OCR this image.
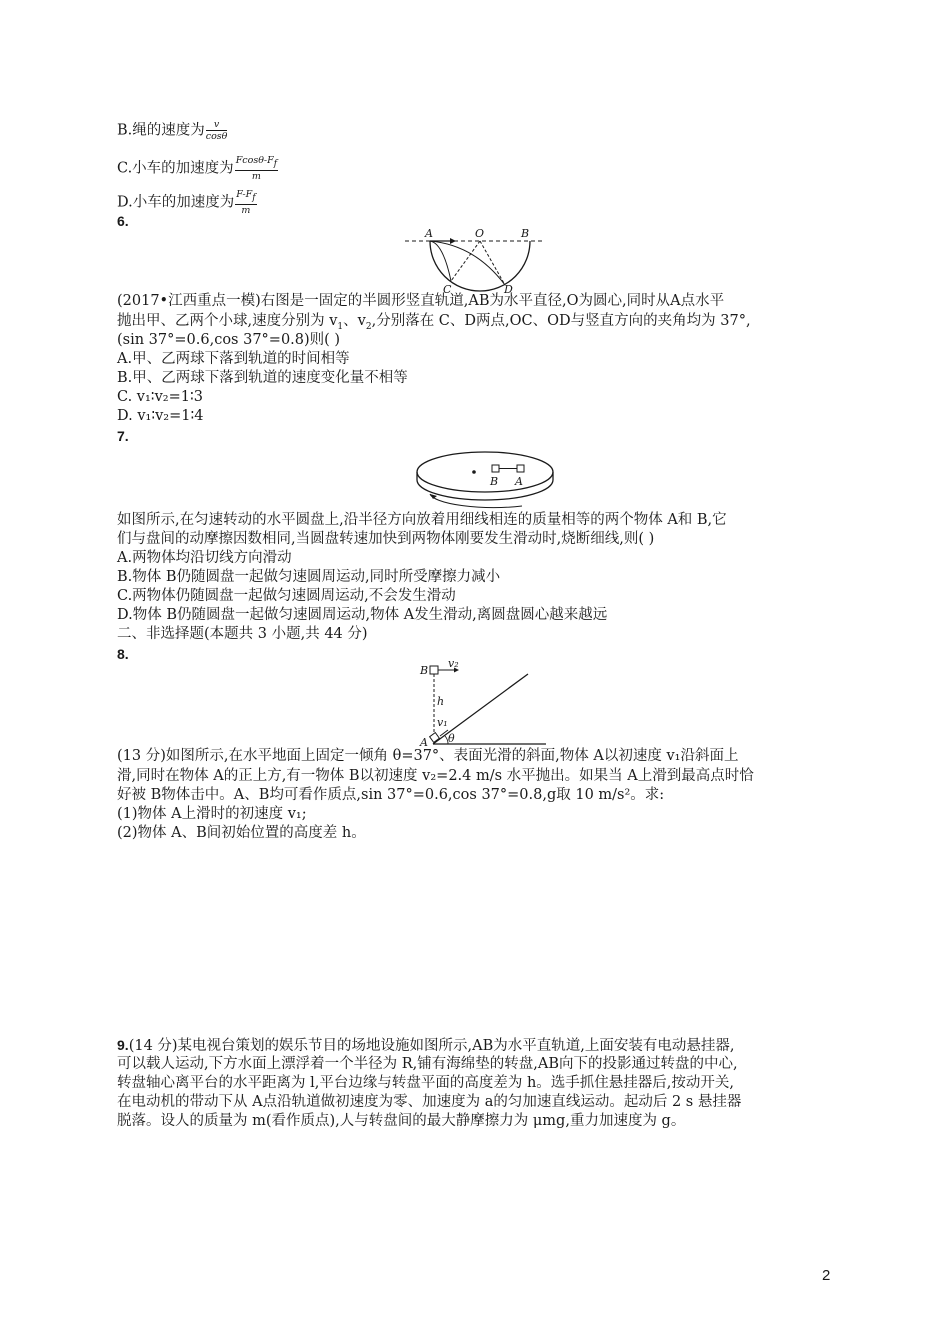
B.绳的速度为 $\frac{v}{\cos\theta}$
C.小车的加速度为 $\frac{Fcos\theta-F_f}{m}$
D.小车的加速度为 $\frac{F-F_f}{m}$
6.
A	O	B
C	D
(2017•江西重点一模)右图是一固定的半圆形竖直轨道,AB为水平直径,O为圆心,同时从A点水平
抛出甲、乙两个小球,速度分别为 $v_1$、$v_2$,分别落在 C、D两点,OC、OD与竖直方向的夹角均为 37°,
(sin 37°=0.6,cos 37°=0.8)则( )
A.甲、乙两球下落到轨道的时间相等
B.甲、乙两球下落到轨道的速度变化量不相等
C. v₁∶v₂=1∶3
D. v₁∶v₂=1∶4
7.
B A
如图所示,在匀速转动的水平圆盘上,沿半径方向放着用细线相连的质量相等的两个物体 A和 B,它
们与盘间的动摩擦因数相同,当圆盘转速加快到两物体刚要发生滑动时,烧断细线,则( )
A.两物体均沿切线方向滑动
B.物体 B仍随圆盘一起做匀速圆周运动,同时所受摩擦力减小
C.两物体仍随圆盘一起做匀速圆周运动,不会发生滑动
D.物体 B仍随圆盘一起做匀速圆周运动,物体 A发生滑动,离圆盘圆心越来越远
二、非选择题(本题共 3 小题,共 44 分)
8.
B
v₂
h
v₁
A θ
(13 分)如图所示,在水平地面上固定一倾角 θ=37°、表面光滑的斜面,物体 A以初速度 v₁沿斜面上
滑,同时在物体 A的正上方,有一物体 B以初速度 v₂=2.4 m/s 水平抛出。如果当 A上滑到最高点时恰
好被 B物体击中。A、B均可看作质点,sin 37°=0.6,cos 37°=0.8,g取 10 m/s²。求:
(1)物体 A上滑时的初速度 v₁;
(2)物体 A、B间初始位置的高度差 h。
9.(14 分)某电视台策划的娱乐节目的场地设施如图所示,AB为水平直轨道,上面安装有电动悬挂器,
可以载人运动,下方水面上漂浮着一个半径为 R,铺有海绵垫的转盘,AB向下的投影通过转盘的中心,
转盘轴心离平台的水平距离为 l,平台边缘与转盘平面的高度差为 h。选手抓住悬挂器后,按动开关,
在电动机的带动下从 A点沿轨道做初速度为零、加速度为 a的匀加速直线运动。起动后 2 s 悬挂器
脱落。设人的质量为 m(看作质点),人与转盘间的最大静摩擦力为 μmg,重力加速度为 g。
2
